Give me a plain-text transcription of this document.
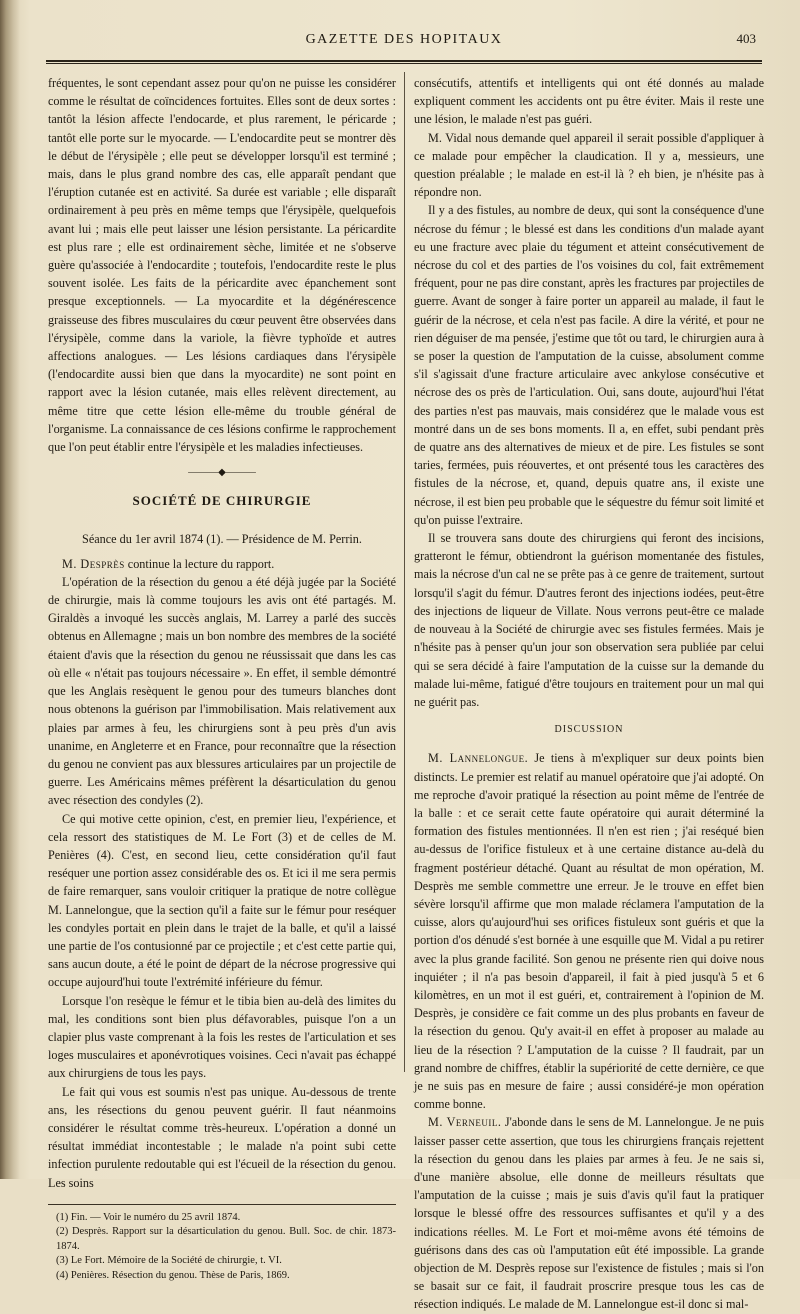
GAZETTE DES HOPITAUX	403

fréquentes, le sont cependant assez pour qu'on ne puisse les considérer comme le résultat de coïncidences fortuites. Elles sont de deux sortes : tantôt la lésion affecte l'endocarde, et plus rarement, le péricarde ; tantôt elle porte sur le myocarde. — L'endocardite peut se montrer dès le début de l'érysipèle ; elle peut se développer lorsqu'il est terminé ; mais, dans le plus grand nombre des cas, elle apparaît pendant que l'éruption cutanée est en activité. Sa durée est variable ; elle disparaît ordinairement à peu près en même temps que l'érysipèle, quelquefois avant lui ; mais elle peut laisser une lésion persistante. La péricardite est plus rare ; elle est ordinairement sèche, limitée et ne s'observe guère qu'associée à l'endocardite ; toutefois, l'endocardite reste le plus souvent isolée. Les faits de la péricardite avec épanchement sont presque exceptionnels. — La myocardite et la dégénérescence graisseuse des fibres musculaires du cœur peuvent être observées dans l'érysipèle, comme dans la variole, la fièvre typhoïde et autres affections analogues. — Les lésions cardiaques dans l'érysipèle (l'endocardite aussi bien que dans la myocardite) ne sont point en rapport avec la lésion cutanée, mais elles relèvent directement, au même titre que cette lésion elle-même du trouble général de l'organisme. La connaissance de ces lésions confirme le rapprochement que l'on peut établir entre l'érysipèle et les maladies infectieuses.

———◆———
SOCIÉTÉ DE CHIRURGIE
Séance du 1er avril 1874 (1). — Présidence de M. Perrin.

M. Desprès continue la lecture du rapport.

L'opération de la résection du genou a été déjà jugée par la Société de chirurgie, mais là comme toujours les avis ont été partagés. M. Giraldès a invoqué les succès anglais, M. Larrey a parlé des succès obtenus en Allemagne ; mais un bon nombre des membres de la société étaient d'avis que la résection du genou ne réussissait que dans les cas où elle « n'était pas toujours nécessaire ». En effet, il semble démontré que les Anglais resèquent le genou pour des tumeurs blanches dont nous obtenons la guérison par l'immobilisation. Mais relativement aux plaies par armes à feu, les chirurgiens sont à peu près d'un avis unanime, en Angleterre et en France, pour reconnaître que la résection du genou ne convient pas aux blessures articulaires par un projectile de guerre. Les Américains mêmes préfèrent la désarticulation du genou avec résection des condyles (2).

Ce qui motive cette opinion, c'est, en premier lieu, l'expérience, et cela ressort des statistiques de M. Le Fort (3) et de celles de M. Penières (4). C'est, en second lieu, cette considération qu'il faut reséquer une portion assez considérable des os. Et ici il me sera permis de faire remarquer, sans vouloir critiquer la pratique de notre collègue M. Lannelongue, que la section qu'il a faite sur le fémur pour reséquer les condyles portait en plein dans le trajet de la balle, et qu'il a laissé une partie de l'os contusionné par ce projectile ; et c'est cette partie qui, sans aucun doute, a été le point de départ de la nécrose progressive qui occupe aujourd'hui toute l'extrémité inférieure du fémur.

Lorsque l'on resèque le fémur et le tibia bien au-delà des limites du mal, les conditions sont bien plus défavorables, puisque l'on a un clapier plus vaste comprenant à la fois les restes de l'articulation et ses loges musculaires et aponévrotiques voisines. Ceci n'avait pas échappé aux chirurgiens de tous les pays.

Le fait qui vous est soumis n'est pas unique. Au-dessous de trente ans, les résections du genou peuvent guérir. Il faut néanmoins considérer le résultat comme très-heureux. L'opération a donné un résultat immédiat incontestable ; le malade n'a point subi cette infection purulente redoutable qui est l'écueil de la résection du genou. Les soins

(1) Fin. — Voir le numéro du 25 avril 1874.
(2) Desprès. Rapport sur la désarticulation du genou. Bull. Soc. de chir. 1873-1874.
(3) Le Fort. Mémoire de la Société de chirurgie, t. VI.
(4) Penières. Résection du genou. Thèse de Paris, 1869.

consécutifs, attentifs et intelligents qui ont été donnés au malade expliquent comment les accidents ont pu être éviter. Mais il reste une une lésion, le malade n'est pas guéri.

M. Vidal nous demande quel appareil il serait possible d'appliquer à ce malade pour empêcher la claudication. Il y a, messieurs, une question préalable ; le malade en est-il là ? eh bien, je n'hésite pas à répondre non.

Il y a des fistules, au nombre de deux, qui sont la conséquence d'une nécrose du fémur ; le blessé est dans les conditions d'un malade ayant eu une fracture avec plaie du tégument et atteint consécutivement de nécrose du col et des parties de l'os voisines du col, fait extrêmement fréquent, pour ne pas dire constant, après les fractures par projectiles de guerre. Avant de songer à faire porter un appareil au malade, il faut le guérir de la nécrose, et cela n'est pas facile. A dire la vérité, et pour ne rien déguiser de ma pensée, j'estime que tôt ou tard, le chirurgien aura à se poser la question de l'amputation de la cuisse, absolument comme s'il s'agissait d'une fracture articulaire avec ankylose consécutive et nécrose des os près de l'articulation. Oui, sans doute, aujourd'hui l'état des parties n'est pas mauvais, mais considérez que le malade vous est montré dans un de ses bons moments. Il a, en effet, subi pendant près de quatre ans des alternatives de mieux et de pire. Les fistules se sont taries, fermées, puis réouvertes, et ont présenté tous les caractères des fistules de la nécrose, et, quand, depuis quatre ans, il existe une nécrose, il est bien peu probable que le séquestre du fémur soit limité et qu'on puisse l'extraire.

Il se trouvera sans doute des chirurgiens qui feront des incisions, gratteront le fémur, obtiendront la guérison momentanée des fistules, mais la nécrose d'un cal ne se prête pas à ce genre de traitement, surtout lorsqu'il s'agit du fémur. D'autres feront des injections iodées, peut-être des injections de liqueur de Villate. Nous verrons peut-être ce malade de nouveau à la Société de chirurgie avec ses fistules fermées. Mais je n'hésite pas à penser qu'un jour son observation sera publiée par celui qui se sera décidé à faire l'amputation de la cuisse sur la demande du malade lui-même, fatigué d'être toujours en traitement pour un mal qui ne guérit pas.

DISCUSSION

M. Lannelongue. Je tiens à m'expliquer sur deux points bien distincts. Le premier est relatif au manuel opératoire que j'ai adopté. On me reproche d'avoir pratiqué la résection au point même de l'entrée de la balle : et ce serait cette faute opératoire qui aurait déterminé la formation des fistules mentionnées. Il n'en est rien ; j'ai reséqué bien au-dessus de l'orifice fistuleux et à une certaine distance au-delà du fragment postérieur détaché. Quant au résultat de mon opération, M. Desprès me semble commettre une erreur. Je le trouve en effet bien sévère lorsqu'il affirme que mon malade réclamera l'amputation de la cuisse, alors qu'aujourd'hui ses orifices fistuleux sont guéris et que la portion d'os dénudé s'est bornée à une esquille que M. Vidal a pu retirer avec la plus grande facilité. Son genou ne présente rien qui doive nous inquiéter ; il n'a pas besoin d'appareil, il fait à pied jusqu'à 5 et 6 kilomètres, en un mot il est guéri, et, contrairement à l'opinion de M. Desprès, je considère ce fait comme un des plus probants en faveur de la résection du genou. Qu'y avait-il en effet à proposer au malade au lieu de la résection ? L'amputation de la cuisse ? Il faudrait, par un grand nombre de chiffres, établir la supériorité de cette dernière, ce que je ne suis pas en mesure de faire ; aussi considéré-je mon opération comme bonne.

M. Verneuil. J'abonde dans le sens de M. Lannelongue. Je ne puis laisser passer cette assertion, que tous les chirurgiens français rejettent la résection du genou dans les plaies par armes à feu. Je ne sais si, d'une manière absolue, elle donne de meilleurs résultats que l'amputation de la cuisse ; mais je suis d'avis qu'il faut la pratiquer lorsque le blessé offre des ressources suffisantes et qu'il y a des indications réelles. M. Le Fort et moi-même avons été témoins de guérisons dans des cas où l'amputation eût été impossible. La grande objection de M. Desprès repose sur l'existence de fistules ; mais si l'on se basait sur ce fait, il faudrait proscrire presque tous les cas de résection indiqués. Le malade de M. Lannelongue est-il donc si mal-
